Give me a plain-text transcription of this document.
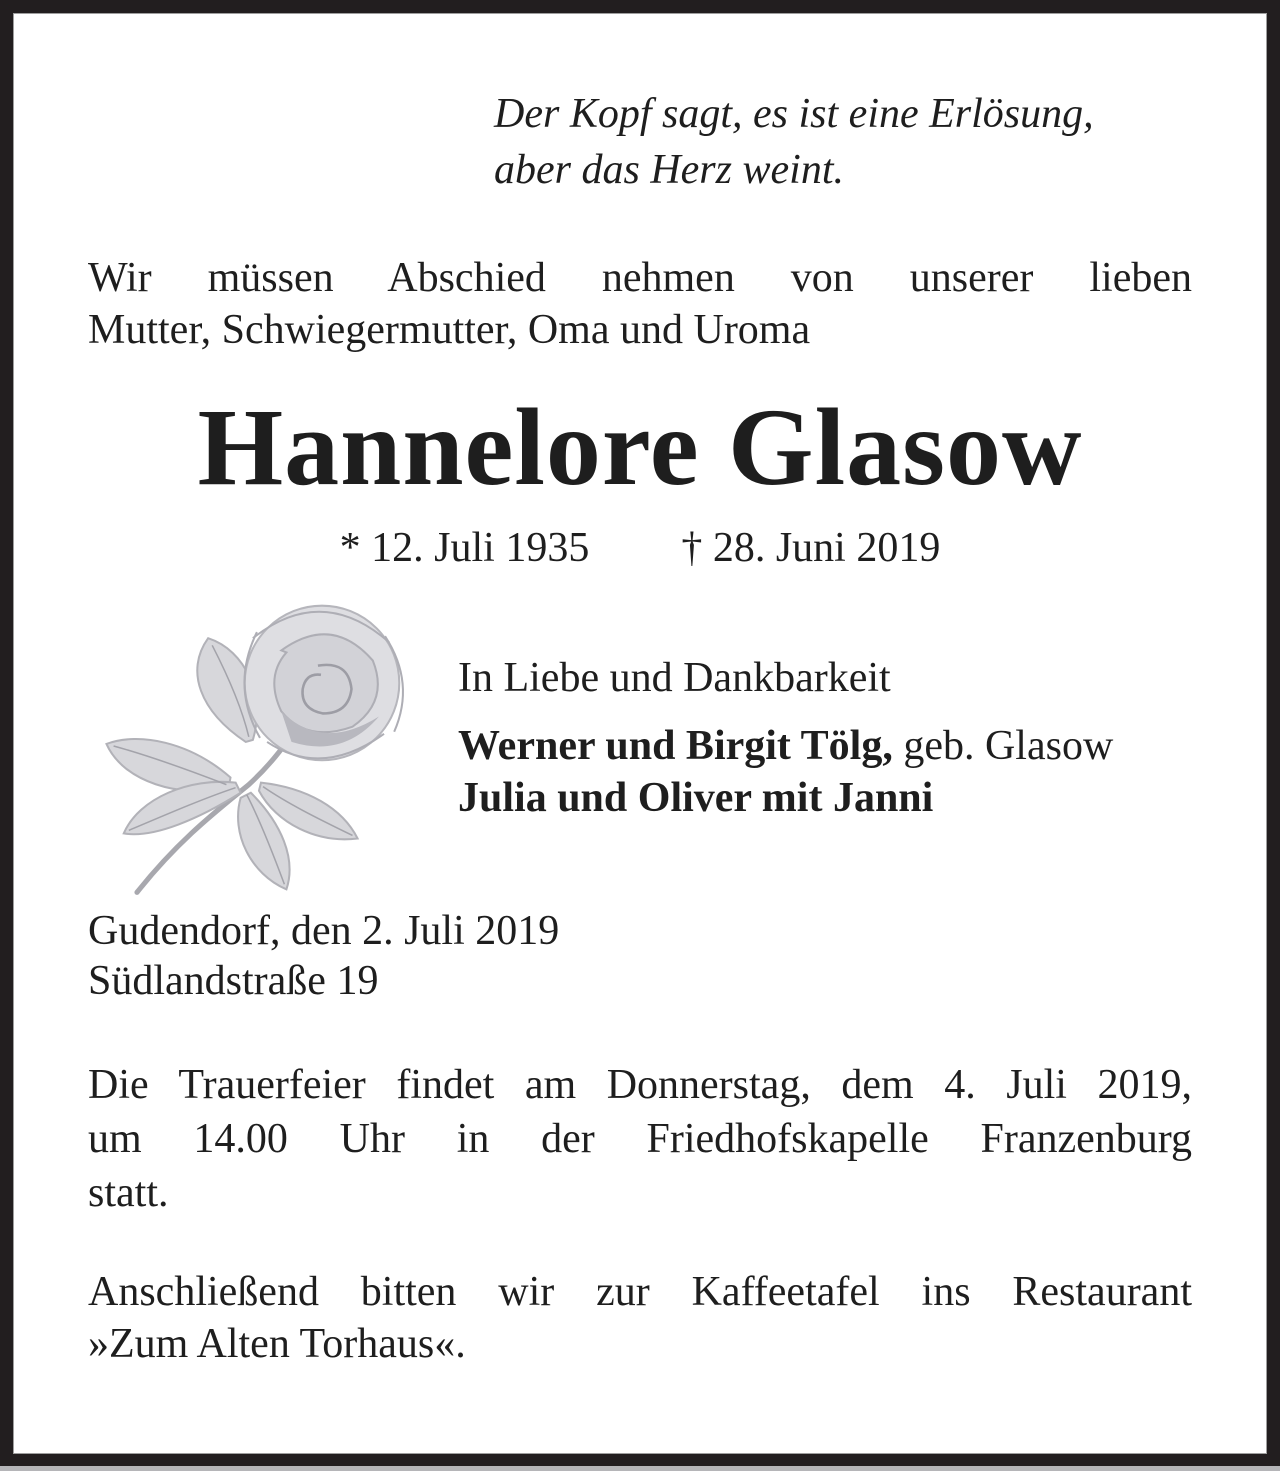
Der Kopf sagt, es ist eine Erlösung,
aber das Herz weint.
Wir müssen Abschied nehmen von unserer lieben
Mutter, Schwiegermutter, Oma und Uroma
Hannelore Glasow
* 12. Juli 1935 † 28. Juni 2019
In Liebe und Dankbarkeit
Werner und Birgit Tölg, geb. Glasow
Julia und Oliver mit Janni
Gudendorf, den 2. Juli 2019
Südlandstraße 19
Die Trauerfeier findet am Donnerstag, dem 4. Juli 2019,
um 14.00 Uhr in der Friedhofskapelle Franzenburg
statt.
Anschließend bitten wir zur Kaffeetafel ins Restaurant
»Zum Alten Torhaus«.
